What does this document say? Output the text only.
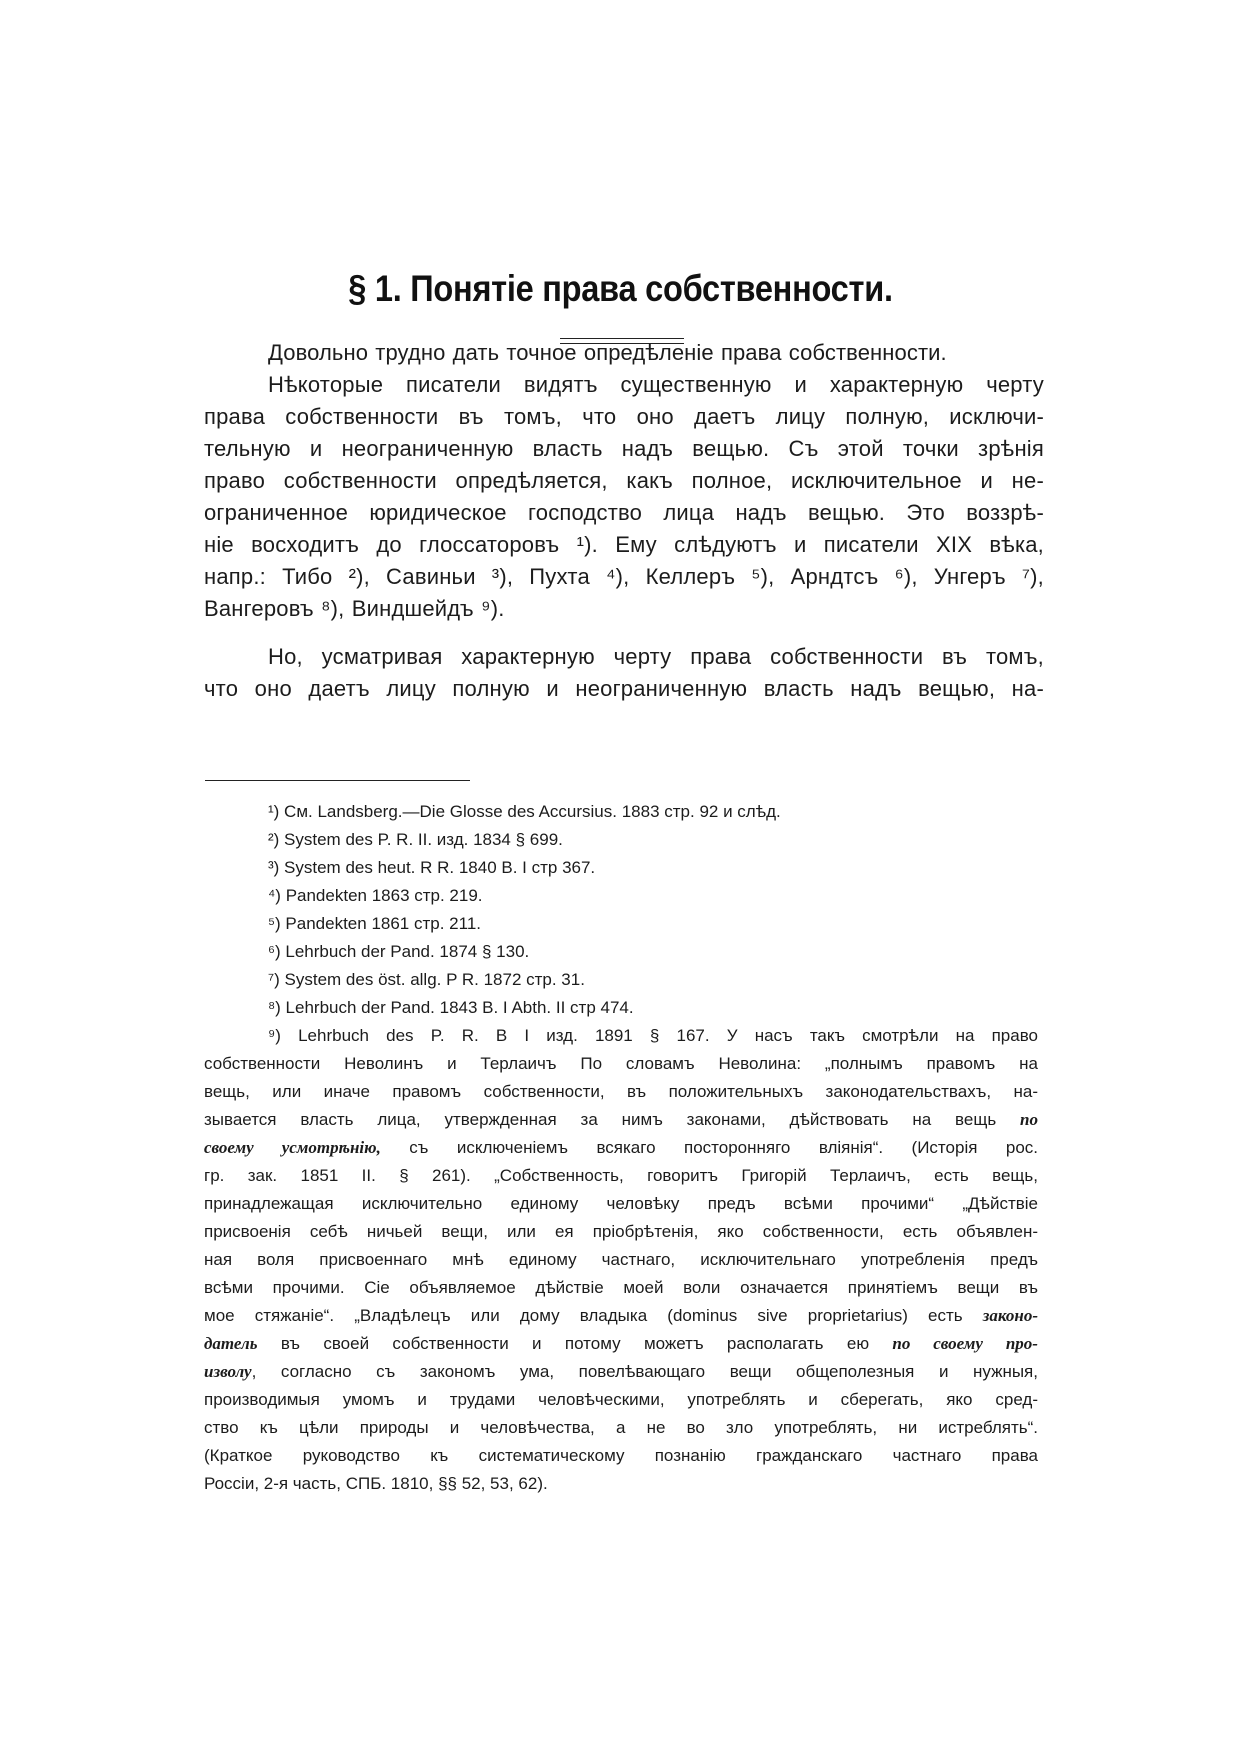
§ 1. Понятіе права собственности.
Довольно трудно дать точное опредѣленіе права собственности.
Нѣкоторые писатели видятъ существенную и характерную черту
права собственности въ томъ, что оно даетъ лицу полную, исключи-
тельную и неограниченную власть надъ вещью. Съ этой точки зрѣнія
право собственности опредѣляется, какъ полное, исключительное и не-
ограниченное юридическое господство лица надъ вещью. Это воззрѣ-
ніе восходитъ до глоссаторовъ ¹). Ему слѣдуютъ и писатели XIX вѣка,
напр.: Тибо ²), Савиньи ³), Пухта ⁴), Келлеръ ⁵), Арндтсъ ⁶), Унгеръ ⁷),
Вангеровъ ⁸), Виндшейдъ ⁹).
Но, усматривая характерную черту права собственности въ томъ,
что оно даетъ лицу полную и неограниченную власть надъ вещью, на-
¹) См. Landsberg.—Die Glosse des Accursius. 1883 стр. 92 и слѣд.
²) System des P. R. II. изд. 1834 § 699.
³) System des heut. R R. 1840 B. I стр 367.
⁴) Pandekten 1863 стр. 219.
⁵) Pandekten 1861 стр. 211.
⁶) Lehrbuch der Pand. 1874 § 130.
⁷) System des öst. allg. P R. 1872 стр. 31.
⁸) Lehrbuch der Pand. 1843 B. I Abth. II стр 474.
⁹) Lehrbuch des P. R. B I изд. 1891 § 167. У насъ такъ смотрѣли на право
собственности Неволинъ и Терлаичъ По словамъ Неволина: „полнымъ правомъ на
вещь, или иначе правомъ собственности, въ положительныхъ законодательствахъ, на-
зывается власть лица, утвержденная за нимъ законами, дѣйствовать на вещь по
своему усмотрѣнію, съ исключеніемъ всякаго посторонняго вліянія“. (Исторія рос.
гр. зак. 1851 II. § 261). „Собственность, говоритъ Григорій Терлаичъ, есть вещь,
принадлежащая исключительно единому человѣку предъ всѣми прочими“ „Дѣйствіе
присвоенія себѣ ничьей вещи, или ея пріобрѣтенія, яко собственности, есть объявлен-
ная воля присвоеннаго мнѣ единому частнаго, исключительнаго употребленія предъ
всѣми прочими. Сіе объявляемое дѣйствіе моей воли означается принятіемъ вещи въ
мое стяжаніе“. „Владѣлецъ или дому владыка (dominus sive proprietarius) есть законо-
датель въ своей собственности и потому можетъ располагать ею по своему про-
изволу, согласно съ закономъ ума, повелѣвающаго вещи общеполезныя и нужныя,
производимыя умомъ и трудами человѣческими, употреблять и сберегать, яко сред-
ство къ цѣли природы и человѣчества, а не во зло употреблять, ни истреблять“.
(Краткое руководство къ систематическому познанію гражданскаго частнаго права
Россіи, 2-я часть, СПБ. 1810, §§ 52, 53, 62).
